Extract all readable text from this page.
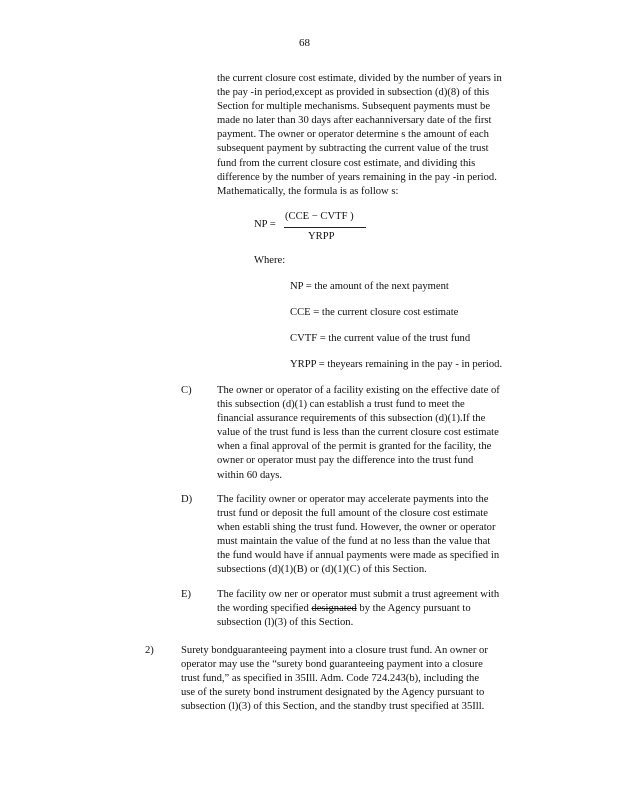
68
the current closure cost estimate, divided by the number of years in
the pay -in period,except as provided in subsection (d)(8) of this
Section for multiple mechanisms. Subsequent payments must be
made no later than 30 days after eachanniversary date of the first
payment. The owner or operator determine s the amount of each
subsequent payment by subtracting the current value of the trust
fund from the current closure cost estimate, and dividing this
difference by the number of years remaining in the pay -in period.
Mathematically, the formula is as follow s:
NP =
(CCE − CVTF )
YRPP
Where:
NP = the amount of the next payment
CCE = the current closure cost estimate
CVTF = the current value of the trust fund
YRPP = theyears remaining in the pay - in period.
C) The owner or operator of a facility existing on the effective date of
this subsection (d)(1) can establish a trust fund to meet the
financial assurance requirements of this subsection (d)(1).If the
value of the trust fund is less than the current closure cost estimate
when a final approval of the permit is granted for the facility, the
owner or operator must pay the difference into the trust fund
within 60 days.
D) The facility owner or operator may accelerate payments into the
trust fund or deposit the full amount of the closure cost estimate
when establi shing the trust fund. However, the owner or operator
must maintain the value of the fund at no less than the value that
the fund would have if annual payments were made as specified in
subsections (d)(1)(B) or (d)(1)(C) of this Section.
E) The facility ow ner or operator must submit a trust agreement with
the wording specified designated by the Agency pursuant to
subsection (l)(3) of this Section.
2)	Surety bondguaranteeing payment into a closure trust fund. An owner or
operator may use the “surety bond guaranteeing payment into a closure
trust fund,” as specified in 35Ill. Adm. Code 724.243(b), including the
use of the surety bond instrument designated by the Agency pursuant to
subsection (l)(3) of this Section, and the standby trust specified at 35Ill.
